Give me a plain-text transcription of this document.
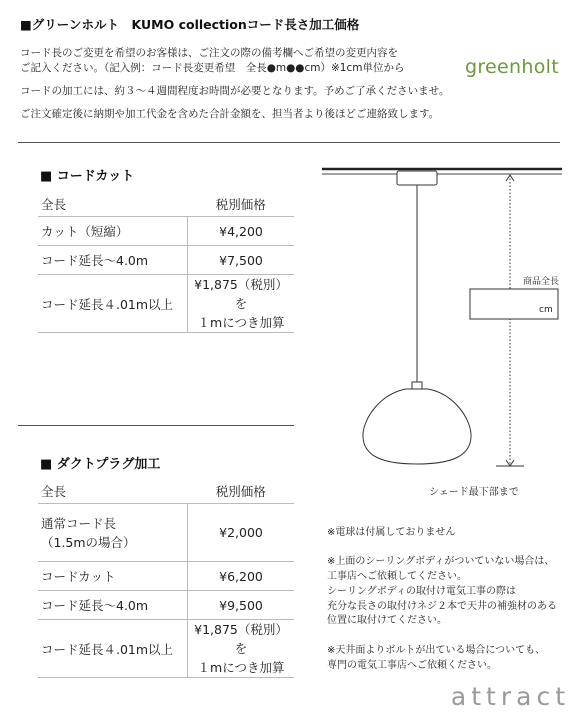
■グリーンホルト　KUMO collectionコード長さ加工価格
コード長のご変更を希望のお客様は、ご注文の際の備考欄へご希望の変更内容を
ご記入ください。（記入例：コード長変更希望　全長●m●●cm）※1cm単位から
コードの加工には、約３～４週間程度お時間が必要となります。予めご了承くださいませ。
ご注文確定後に納期や加工代金を含めた合計金額を、担当者より後ほどご連絡致します。
greenholt
■ コードカット
全長	税別価格
カット（短縮）	¥4,200
コード延長～4.0m	¥7,500
コード延長４.01m以上	¥1,875（税別）を
１mにつき加算
■ ダクトプラグ加工
全長	税別価格

通常コード長
（1.5mの場合）	¥2,000
コードカット	¥6,200
コード延長～4.0m	¥9,500
コード延長４.01m以上	¥1,875（税別）を
１mにつき加算
商品全長
cm
シェード最下部まで
※電球は付属しておりません
※上面のシーリングボディがついていない場合は、
工事店へご依頼してください。
シーリングボディの取付け電気工事の際は
充分な長さの取付けネジ２本で天井の補強材のある
位置に取付けてください。
※天井面よりボルトが出ている場合についても、
専門の電気工事店へご依頼ください。
attract
